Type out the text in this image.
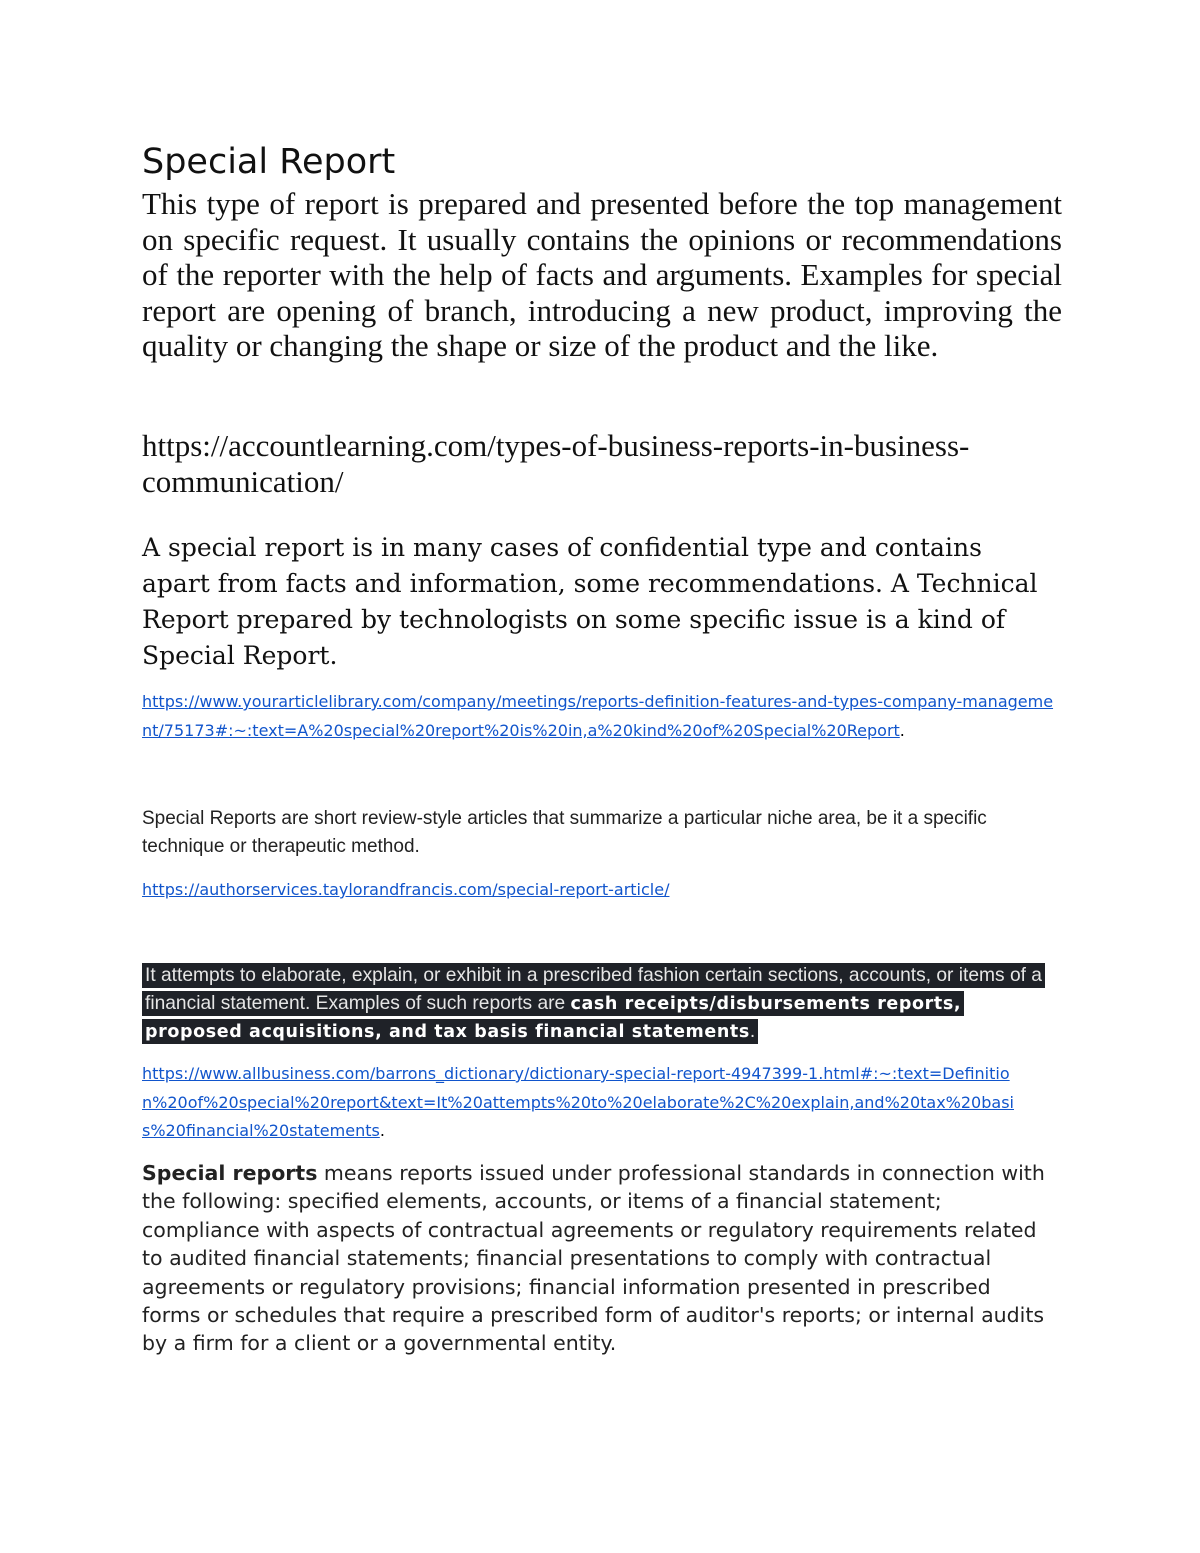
Special Report

This type of report is prepared and presented before the top management on specific request. It usually contains the opinions or recommendations of the reporter with the help of facts and arguments. Examples for special report are opening of branch, introducing a new product, improving the quality or changing the shape or size of the product and the like.

https://accountlearning.com/types-of-business-reports-in-business-communication/

A special report is in many cases of confidential type and contains apart from facts and information, some recommendations. A Technical Report prepared by technologists on some specific issue is a kind of Special Report.

https://www.yourarticlelibrary.com/company/meetings/reports-definition-features-and-types-company-management/75173#:~:text=A%20special%20report%20is%20in,a%20kind%20of%20Special%20Report.

Special Reports are short review-style articles that summarize a particular niche area, be it a specific technique or therapeutic method.

https://authorservices.taylorandfrancis.com/special-report-article/

It attempts to elaborate, explain, or exhibit in a prescribed fashion certain sections, accounts, or items of a financial statement. Examples of such reports are cash receipts/disbursements reports, proposed acquisitions, and tax basis financial statements.

https://www.allbusiness.com/barrons_dictionary/dictionary-special-report-4947399-1.html#:~:text=Definition%20of%20special%20report&text=It%20attempts%20to%20elaborate%2C%20explain,and%20tax%20basis%20financial%20statements.

Special reports means reports issued under professional standards in connection with the following: specified elements, accounts, or items of a financial statement; compliance with aspects of contractual agreements or regulatory requirements related to audited financial statements; financial presentations to comply with contractual agreements or regulatory provisions; financial information presented in prescribed forms or schedules that require a prescribed form of auditor's reports; or internal audits by a firm for a client or a governmental entity.
